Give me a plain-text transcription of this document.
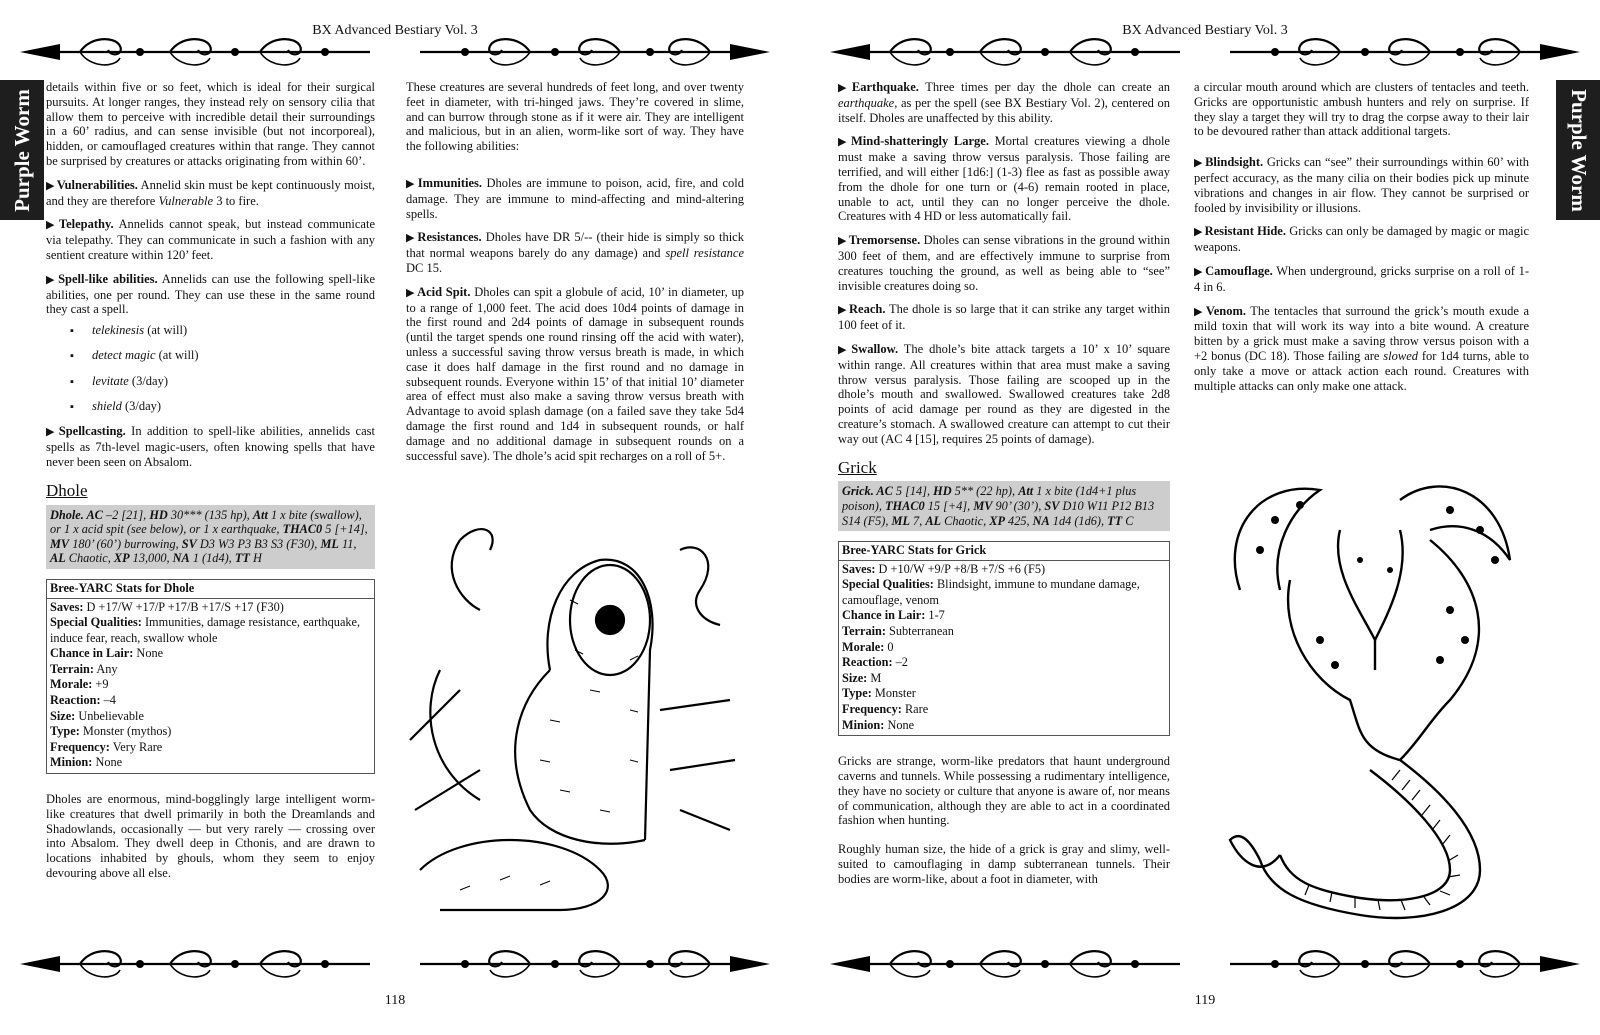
BX Advanced Bestiary Vol. 3
Purple Worm

details within five or so feet, which is ideal for their surgical pursuits. At longer ranges, they instead rely on sensory cilia that allow them to perceive with incredible detail their surroundings in a 60’ radius, and can sense invisible (but not incorporeal), hidden, or camouflaged creatures within that range. They cannot be surprised by creatures or attacks originating from within 60’.

▶ Vulnerabilities. Annelid skin must be kept continuously moist, and they are therefore Vulnerable 3 to fire.

▶ Telepathy. Annelids cannot speak, but instead communicate via telepathy. They can communicate in such a fashion with any sentient creature within 120’ feet.

▶ Spell-like abilities. Annelids can use the following spell-like abilities, one per round. They can use these in the same round they cast a spell.

▪ telekinesis (at will)
▪ detect magic (at will)
▪ levitate (3/day)
▪ shield (3/day)

▶ Spellcasting. In addition to spell-like abilities, annelids cast spells as 7th-level magic-users, often knowing spells that have never been seen on Absalom.

Dhole
Dhole. AC –2 [21], HD 30*** (135 hp), Att 1 x bite (swallow), or 1 x acid spit (see below), or 1 x earthquake, THAC0 5 [+14], MV 180’ (60’) burrowing, SV D3 W3 P3 B3 S3 (F30), ML 11, AL Chaotic, XP 13,000, NA 1 (1d4), TT H
Bree-YARC Stats for Dhole
Saves: D +17/W +17/P +17/B +17/S +17 (F30)
Special Qualities: Immunities, damage resistance, earthquake, induce fear, reach, swallow whole
Chance in Lair: None
Terrain: Any
Morale: +9
Reaction: –4
Size: Unbelievable
Type: Monster (mythos)
Frequency: Very Rare
Minion: None

Dholes are enormous, mind-bogglingly large intelligent worm-like creatures that dwell primarily in both the Dreamlands and Shadowlands, occasionally — but very rarely — crossing over into Absalom. They dwell deep in Cthonis, and are drawn to locations inhabited by ghouls, whom they seem to enjoy devouring above all else.

These creatures are several hundreds of feet long, and over twenty feet in diameter, with tri-hinged jaws. They’re covered in slime, and can burrow through stone as if it were air. They are intelligent and malicious, but in an alien, worm-like sort of way. They have the following abilities:

▶ Immunities. Dholes are immune to poison, acid, fire, and cold damage. They are immune to mind-affecting and mind-altering spells.

▶ Resistances. Dholes have DR 5/-- (their hide is simply so thick that normal weapons barely do any damage) and spell resistance DC 15.

▶ Acid Spit. Dholes can spit a globule of acid, 10’ in diameter, up to a range of 1,000 feet. The acid does 10d4 points of damage in the first round and 2d4 points of damage in subsequent rounds (until the target spends one round rinsing off the acid with water), unless a successful saving throw versus breath is made, in which case it does half damage in the first round and no damage in subsequent rounds. Everyone within 15’ of that initial 10’ diameter area of effect must also make a saving throw versus breath with Advantage to avoid splash damage (on a failed save they take 5d4 damage the first round and 1d4 in subsequent rounds, or half damage and no additional damage in subsequent rounds on a successful save). The dhole’s acid spit recharges on a roll of 5+.

118
BX Advanced Bestiary Vol. 3
Purple Worm

▶ Earthquake. Three times per day the dhole can create an earthquake, as per the spell (see BX Bestiary Vol. 2), centered on itself. Dholes are unaffected by this ability.

▶ Mind-shatteringly Large. Mortal creatures viewing a dhole must make a saving throw versus paralysis. Those failing are terrified, and will either [1d6:] (1-3) flee as fast as possible away from the dhole for one turn or (4-6) remain rooted in place, unable to act, until they can no longer perceive the dhole. Creatures with 4 HD or less automatically fail.

▶ Tremorsense. Dholes can sense vibrations in the ground within 300 feet of them, and are effectively immune to surprise from creatures touching the ground, as well as being able to “see” invisible creatures doing so.

▶ Reach. The dhole is so large that it can strike any target within 100 feet of it.

▶ Swallow. The dhole’s bite attack targets a 10’ x 10’ square within range. All creatures within that area must make a saving throw versus paralysis. Those failing are scooped up in the dhole’s mouth and swallowed. Swallowed creatures take 2d8 points of acid damage per round as they are digested in the creature’s stomach. A swallowed creature can attempt to cut their way out (AC 4 [15], requires 25 points of damage).

Grick
Grick. AC 5 [14], HD 5** (22 hp), Att 1 x bite (1d4+1 plus poison), THAC0 15 [+4], MV 90’ (30’), SV D10 W11 P12 B13 S14 (F5), ML 7, AL Chaotic, XP 425, NA 1d4 (1d6), TT C
Bree-YARC Stats for Grick
Saves: D +10/W +9/P +8/B +7/S +6 (F5)
Special Qualities: Blindsight, immune to mundane damage, camouflage, venom
Chance in Lair: 1-7
Terrain: Subterranean
Morale: 0
Reaction: –2
Size: M
Type: Monster
Frequency: Rare
Minion: None

Gricks are strange, worm-like predators that haunt underground caverns and tunnels. While possessing a rudimentary intelligence, they have no society or culture that anyone is aware of, nor means of communication, although they are able to act in a coordinated fashion when hunting.

Roughly human size, the hide of a grick is gray and slimy, well-suited to camouflaging in damp subterranean tunnels. Their bodies are worm-like, about a foot in diameter, with

a circular mouth around which are clusters of tentacles and teeth. Gricks are opportunistic ambush hunters and rely on surprise. If they slay a target they will try to drag the corpse away to their lair to be devoured rather than attack additional targets.

▶ Blindsight. Gricks can “see” their surroundings within 60’ with perfect accuracy, as the many cilia on their bodies pick up minute vibrations and changes in air flow. They cannot be surprised or fooled by invisibility or illusions.

▶ Resistant Hide. Gricks can only be damaged by magic or magic weapons.

▶ Camouflage. When underground, gricks surprise on a roll of 1-4 in 6.

▶ Venom. The tentacles that surround the grick’s mouth exude a mild toxin that will work its way into a bite wound. A creature bitten by a grick must make a saving throw versus poison with a +2 bonus (DC 18). Those failing are slowed for 1d4 turns, able to only take a move or attack action each round. Creatures with multiple attacks can only make one attack.

119
